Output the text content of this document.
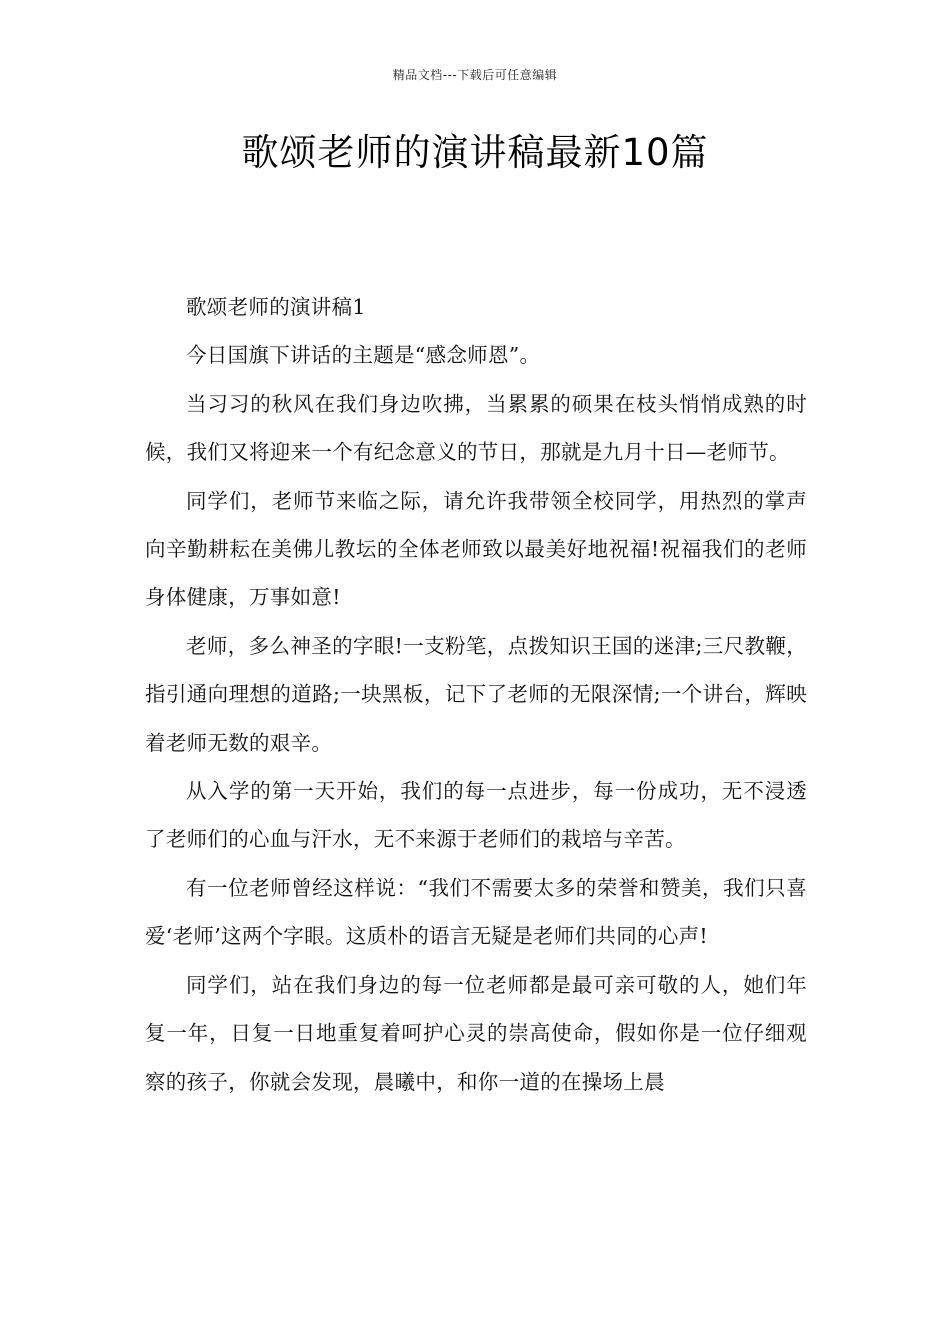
精品文档---下载后可任意编辑
歌颂老师的演讲稿最新10篇

歌颂老师的演讲稿1

今日国旗下讲话的主题是“感念师恩”。

当习习的秋风在我们身边吹拂，当累累的硕果在枝头悄悄成熟的时候，我们又将迎来一个有纪念意义的节日，那就是九月十日—老师节。

同学们，老师节来临之际，请允许我带领全校同学，用热烈的掌声向辛勤耕耘在美佛儿教坛的全体老师致以最美好地祝福!祝福我们的老师身体健康，万事如意!

老师，多么神圣的字眼!一支粉笔，点拨知识王国的迷津;三尺教鞭，指引通向理想的道路;一块黑板，记下了老师的无限深情;一个讲台，辉映着老师无数的艰辛。

从入学的第一天开始，我们的每一点进步，每一份成功，无不浸透了老师们的心血与汗水，无不来源于老师们的栽培与辛苦。

有一位老师曾经这样说：“我们不需要太多的荣誉和赞美，我们只喜爱‘老师’这两个字眼。这质朴的语言无疑是老师们共同的心声!

同学们，站在我们身边的每一位老师都是最可亲可敬的人，她们年复一年，日复一日地重复着呵护心灵的崇高使命，假如你是一位仔细观察的孩子，你就会发现，晨曦中，和你一道的在操场上晨
